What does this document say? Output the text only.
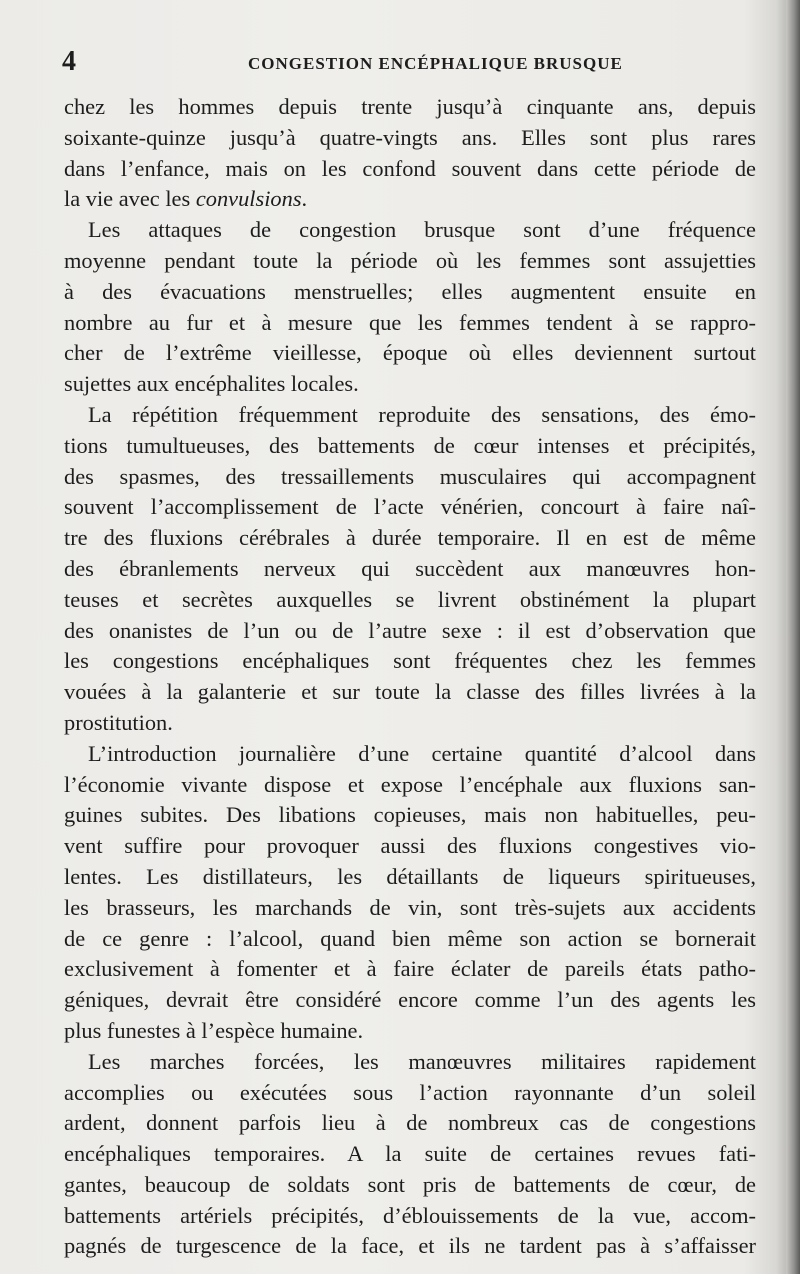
4	CONGESTION ENCÉPHALIQUE BRUSQUE
chez les hommes depuis trente jusqu’à cinquante ans, depuis
soixante-quinze jusqu’à quatre-vingts ans. Elles sont plus rares
dans l’enfance, mais on les confond souvent dans cette période de
la vie avec les convulsions.
Les attaques de congestion brusque sont d’une fréquence
moyenne pendant toute la période où les femmes sont assujetties
à des évacuations menstruelles; elles augmentent ensuite en
nombre au fur et à mesure que les femmes tendent à se rappro-
cher de l’extrême vieillesse, époque où elles deviennent surtout
sujettes aux encéphalites locales.
La répétition fréquemment reproduite des sensations, des émo-
tions tumultueuses, des battements de cœur intenses et précipités,
des spasmes, des tressaillements musculaires qui accompagnent
souvent l’accomplissement de l’acte vénérien, concourt à faire naî-
tre des fluxions cérébrales à durée temporaire. Il en est de même
des ébranlements nerveux qui succèdent aux manœuvres hon-
teuses et secrètes auxquelles se livrent obstinément la plupart
des onanistes de l’un ou de l’autre sexe : il est d’observation que
les congestions encéphaliques sont fréquentes chez les femmes
vouées à la galanterie et sur toute la classe des filles livrées à la
prostitution.
L’introduction journalière d’une certaine quantité d’alcool dans
l’économie vivante dispose et expose l’encéphale aux fluxions san-
guines subites. Des libations copieuses, mais non habituelles, peu-
vent suffire pour provoquer aussi des fluxions congestives vio-
lentes. Les distillateurs, les détaillants de liqueurs spiritueuses,
les brasseurs, les marchands de vin, sont très-sujets aux accidents
de ce genre : l’alcool, quand bien même son action se bornerait
exclusivement à fomenter et à faire éclater de pareils états patho-
géniques, devrait être considéré encore comme l’un des agents les
plus funestes à l’espèce humaine.
Les marches forcées, les manœuvres militaires rapidement
accomplies ou exécutées sous l’action rayonnante d’un soleil
ardent, donnent parfois lieu à de nombreux cas de congestions
encéphaliques temporaires. A la suite de certaines revues fati-
gantes, beaucoup de soldats sont pris de battements de cœur, de
battements artériels précipités, d’éblouissements de la vue, accom-
pagnés de turgescence de la face, et ils ne tardent pas à s’affaisser
